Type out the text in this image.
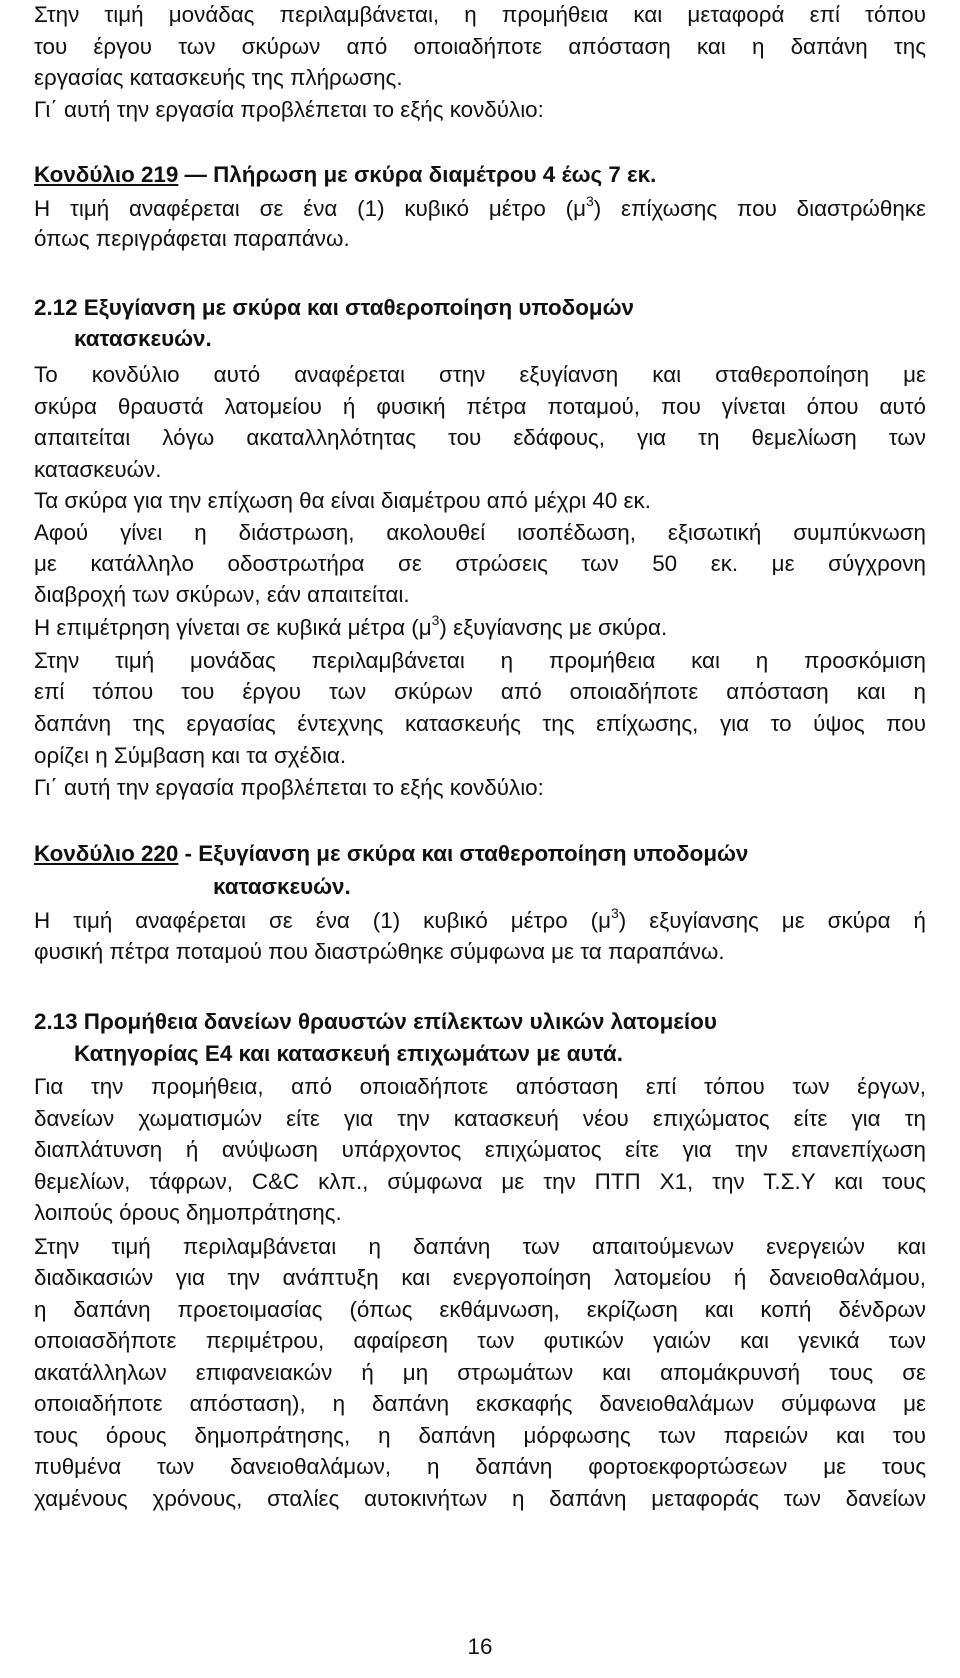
Στην τιμή μονάδας περιλαμβάνεται, η προμήθεια και μεταφορά επί τόπου
του έργου των σκύρων από οποιαδήποτε απόσταση και η δαπάνη της
εργασίας κατασκευής της πλήρωσης.
Γι΄ αυτή την εργασία προβλέπεται το εξής κονδύλιο:
Κονδύλιο 219 — Πλήρωση με σκύρα διαμέτρου 4 έως 7 εκ.
Η τιμή αναφέρεται σε ένα (1) κυβικό μέτρο $(\mu^3)$ επίχωσης που διαστρώθηκε
όπως περιγράφεται παραπάνω.
2.12 Εξυγίανση με σκύρα και σταθεροποίηση υποδομών
κατασκευών.
Το κονδύλιο αυτό αναφέρεται στην εξυγίανση και σταθεροποίηση με
σκύρα θραυστά λατομείου ή φυσική πέτρα ποταμού, που γίνεται όπου αυτό
απαιτείται λόγω ακαταλληλότητας του εδάφους, για τη θεμελίωση των
κατασκευών.
Τα σκύρα για την επίχωση θα είναι διαμέτρου από μέχρι 40 εκ.
Αφού γίνει η διάστρωση, ακολουθεί ισοπέδωση, εξισωτική συμπύκνωση
με κατάλληλο οδοστρωτήρα σε στρώσεις των 50 εκ. με σύγχρονη
διαβροχή των σκύρων, εάν απαιτείται.
Η επιμέτρηση γίνεται σε κυβικά μέτρα $(\mu^3)$ εξυγίανσης με σκύρα.
Στην τιμή μονάδας περιλαμβάνεται η προμήθεια και η προσκόμιση
επί τόπου του έργου των σκύρων από οποιαδήποτε απόσταση και η
δαπάνη της εργασίας έντεχνης κατασκευής της επίχωσης, για το ύψος που
ορίζει η Σύμβαση και τα σχέδια.
Γι΄ αυτή την εργασία προβλέπεται το εξής κονδύλιο:
Κονδύλιο 220 - Εξυγίανση με σκύρα και σταθεροποίηση υποδομών
κατασκευών.
Η τιμή αναφέρεται σε ένα (1) κυβικό μέτρο $(\mu^3)$ εξυγίανσης με σκύρα ή
φυσική πέτρα ποταμού που διαστρώθηκε σύμφωνα με τα παραπάνω.
2.13 Προμήθεια δανείων θραυστών επίλεκτων υλικών λατομείου
Κατηγορίας Ε4 και κατασκευή επιχωμάτων με αυτά.
Για την προμήθεια, από οποιαδήποτε απόσταση επί τόπου των έργων,
δανείων χωματισμών είτε για την κατασκευή νέου επιχώματος είτε για τη
διαπλάτυνση ή ανύψωση υπάρχοντος επιχώματος είτε για την επανεπίχωση
θεμελίων, τάφρων, C&C κλπ., σύμφωνα με την ΠΤΠ Χ1, την Τ.Σ.Υ και τους
λοιπούς όρους δημοπράτησης.
Στην τιμή περιλαμβάνεται η δαπάνη των απαιτούμενων ενεργειών και
διαδικασιών για την ανάπτυξη και ενεργοποίηση λατομείου ή δανειοθαλάμου,
η δαπάνη προετοιμασίας (όπως εκθάμνωση, εκρίζωση και κοπή δένδρων
οποιασδήποτε περιμέτρου, αφαίρεση των φυτικών γαιών και γενικά των
ακατάλληλων επιφανειακών ή μη στρωμάτων και απομάκρυνσή τους σε
οποιαδήποτε απόσταση), η δαπάνη εκσκαφής δανειοθαλάμων σύμφωνα με
τους όρους δημοπράτησης, η δαπάνη μόρφωσης των παρειών και του
πυθμένα των δανειοθαλάμων, η δαπάνη φορτοεκφορτώσεων με τους
χαμένους χρόνους, σταλίες αυτοκινήτων η δαπάνη μεταφοράς των δανείων
16
